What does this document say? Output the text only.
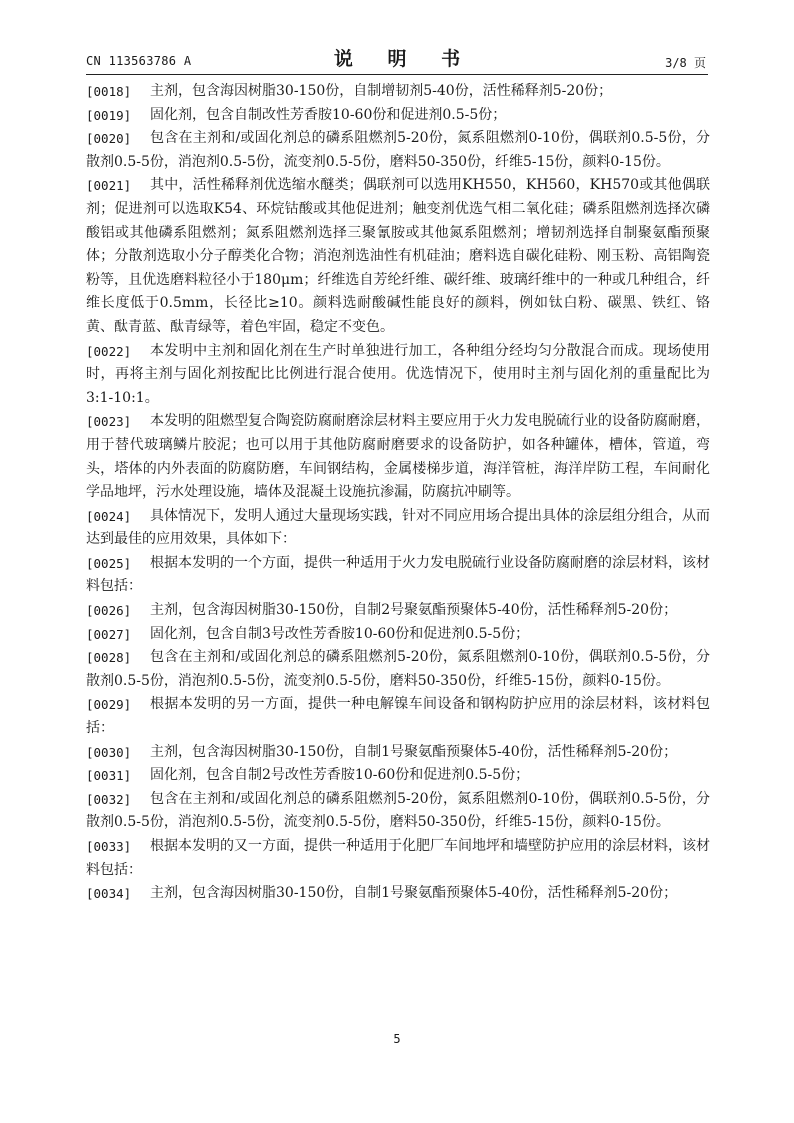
CN 113563786 A	说 明 书	3/8 页
[0018]	主剂，包含海因树脂30-150份，自制增韧剂5-40份，活性稀释剂5-20份；
[0019]	固化剂，包含自制改性芳香胺10-60份和促进剂0.5-5份；
[0020]	包含在主剂和/或固化剂总的磷系阻燃剂5-20份，氮系阻燃剂0-10份，偶联剂0.5-5份，分散剂0.5-5份，消泡剂0.5-5份，流变剂0.5-5份，磨料50-350份，纤维5-15份，颜料0-15份。
[0021]	其中，活性稀释剂优选缩水醚类；偶联剂可以选用KH550，KH560，KH570或其他偶联剂；促进剂可以选取K54、环烷钴酸或其他促进剂；触变剂优选气相二氧化硅；磷系阻燃剂选择次磷酸铝或其他磷系阻燃剂；氮系阻燃剂选择三聚氰胺或其他氮系阻燃剂；增韧剂选择自制聚氨酯预聚体；分散剂选取小分子醇类化合物；消泡剂选油性有机硅油；磨料选自碳化硅粉、刚玉粉、高铝陶瓷粉等，且优选磨料粒径小于180μm；纤维选自芳纶纤维、碳纤维、玻璃纤维中的一种或几种组合，纤维长度低于0.5mm，长径比≥10。颜料选耐酸碱性能良好的颜料，例如钛白粉、碳黑、铁红、铬黄、酞青蓝、酞青绿等，着色牢固，稳定不变色。
[0022]	本发明中主剂和固化剂在生产时单独进行加工，各种组分经均匀分散混合而成。现场使用时，再将主剂与固化剂按配比比例进行混合使用。优选情况下，使用时主剂与固化剂的重量配比为3:1-10:1。
[0023]	本发明的阻燃型复合陶瓷防腐耐磨涂层材料主要应用于火力发电脱硫行业的设备防腐耐磨，用于替代玻璃鳞片胶泥；也可以用于其他防腐耐磨要求的设备防护，如各种罐体，槽体，管道，弯头，塔体的内外表面的防腐防磨，车间钢结构，金属楼梯步道，海洋管桩，海洋岸防工程，车间耐化学品地坪，污水处理设施，墙体及混凝土设施抗渗漏，防腐抗冲刷等。
[0024]	具体情况下，发明人通过大量现场实践，针对不同应用场合提出具体的涂层组分组合，从而达到最佳的应用效果，具体如下：
[0025]	根据本发明的一个方面，提供一种适用于火力发电脱硫行业设备防腐耐磨的涂层材料，该材料包括：
[0026]	主剂，包含海因树脂30-150份，自制2号聚氨酯预聚体5-40份，活性稀释剂5-20份；
[0027]	固化剂，包含自制3号改性芳香胺10-60份和促进剂0.5-5份；
[0028]	包含在主剂和/或固化剂总的磷系阻燃剂5-20份，氮系阻燃剂0-10份，偶联剂0.5-5份，分散剂0.5-5份，消泡剂0.5-5份，流变剂0.5-5份，磨料50-350份，纤维5-15份，颜料0-15份。
[0029]	根据本发明的另一方面，提供一种电解镍车间设备和钢构防护应用的涂层材料，该材料包括：
[0030]	主剂，包含海因树脂30-150份，自制1号聚氨酯预聚体5-40份，活性稀释剂5-20份；
[0031]	固化剂，包含自制2号改性芳香胺10-60份和促进剂0.5-5份；
[0032]	包含在主剂和/或固化剂总的磷系阻燃剂5-20份，氮系阻燃剂0-10份，偶联剂0.5-5份，分散剂0.5-5份，消泡剂0.5-5份，流变剂0.5-5份，磨料50-350份，纤维5-15份，颜料0-15份。
[0033]	根据本发明的又一方面，提供一种适用于化肥厂车间地坪和墙壁防护应用的涂层材料，该材料包括：
[0034]	主剂，包含海因树脂30-150份，自制1号聚氨酯预聚体5-40份，活性稀释剂5-20份；
5
